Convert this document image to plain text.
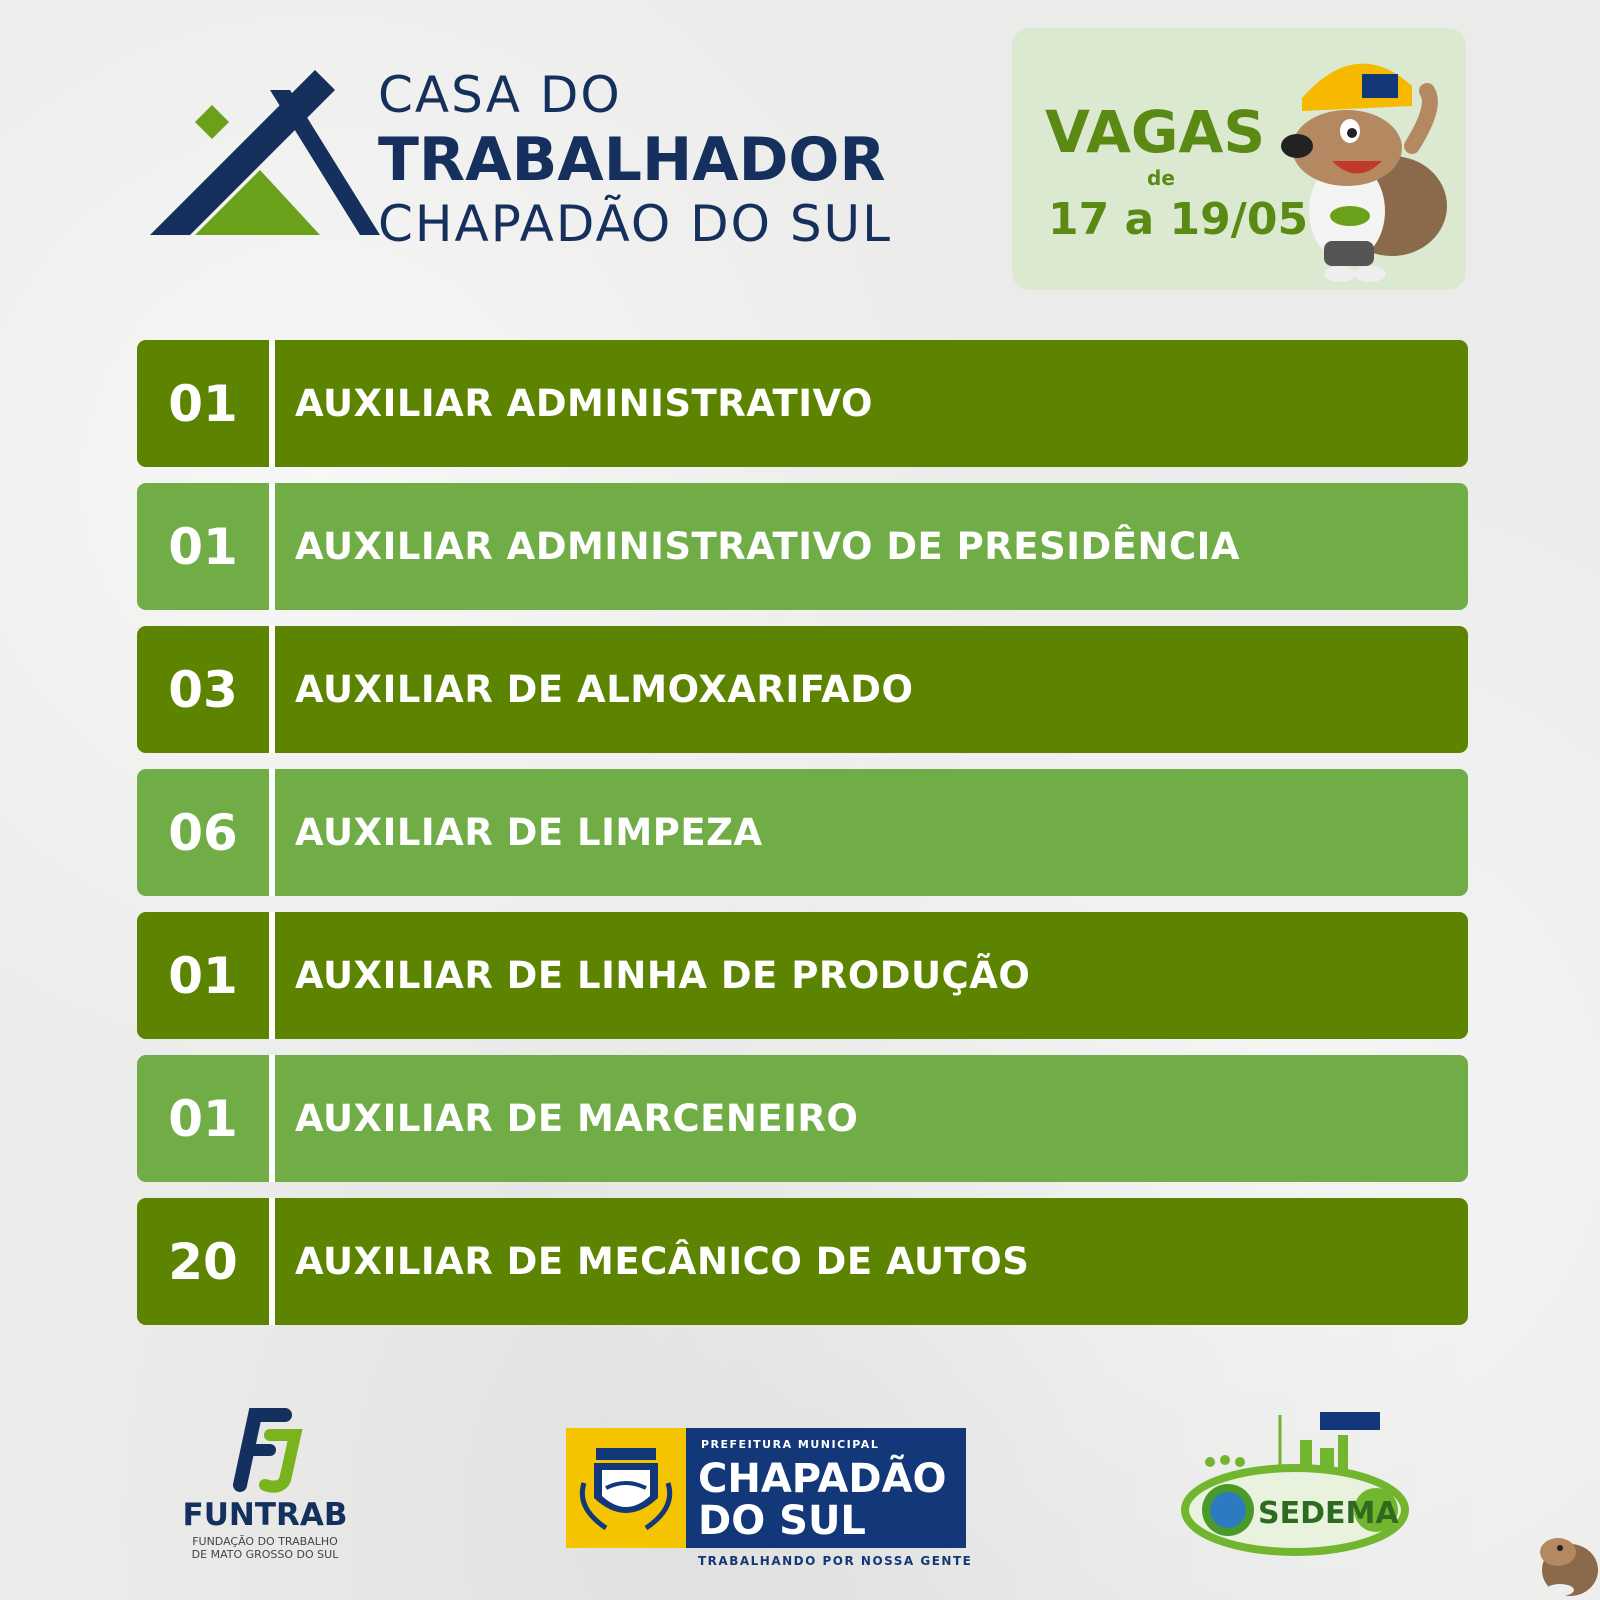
CASA DO
TRABALHADOR
CHAPADÃO DO SUL
VAGAS
de
17 a 19/05
01	AUXILIAR ADMINISTRATIVO
01	AUXILIAR ADMINISTRATIVO DE PRESIDÊNCIA
03	AUXILIAR DE ALMOXARIFADO
06	AUXILIAR DE LIMPEZA
01	AUXILIAR DE LINHA DE PRODUÇÃO
01	AUXILIAR DE MARCENEIRO
20	AUXILIAR DE MECÂNICO DE AUTOS
FUNTRAB
FUNDAÇÃO DO TRABALHO
DE MATO GROSSO DO SUL
PREFEITURA MUNICIPAL
CHAPADÃO
DO SUL
TRABALHANDO POR NOSSA GENTE
SEDEMA
